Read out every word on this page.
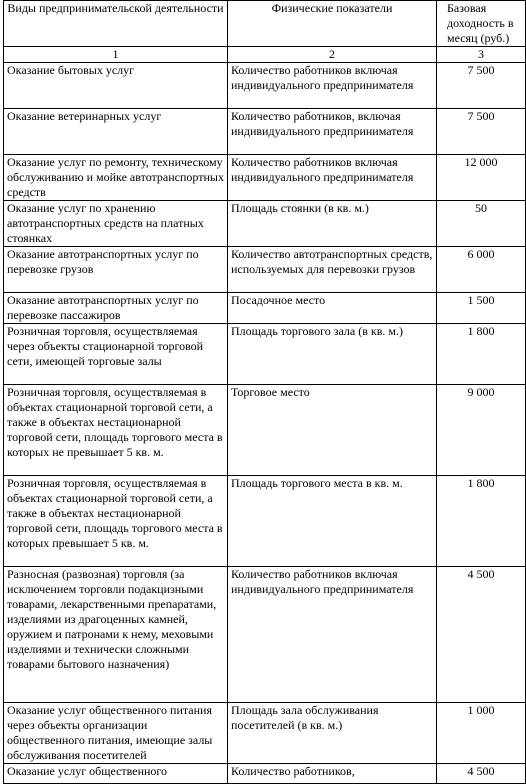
Виды предпринимательской деятельности	Физические показатели	Базовая доходность в месяц (руб.)
1	2	3
Оказание бытовых услуг	Количество работников включая индивидуального предпринимателя	7 500
Оказание ветеринарных услуг	Количество работников, включая индивидуального предпринимателя	7 500
Оказание услуг по ремонту, техническому обслуживанию и мойке автотранспортных средств	Количество работников включая индивидуального предпринимателя	12 000
Оказание услуг по хранению автотранспортных средств на платных стоянках	Площадь стоянки (в кв. м.)	50
Оказание автотранспортных услуг по перевозке грузов	Количество автотранспортных средств, используемых для перевозки грузов	6 000
Оказание автотранспортных услуг по перевозке пассажиров	Посадочное место	1 500
Розничная торговля, осуществляемая через объекты стационарной торговой сети, имеющей торговые залы	Площадь торгового зала (в кв. м.)	1 800
Розничная торговля, осуществляемая в объектах стационарной торговой сети, а также в объектах нестационарной торговой сети, площадь торгового места в которых не превышает 5 кв. м.	Торговое место	9 000
Розничная торговля, осуществляемая в объектах стационарной торговой сети, а также в объектах нестационарной торговой сети, площадь торгового места в которых превышает 5 кв. м.	Площадь торгового места в кв. м.	1 800
Разносная (развозная) торговля (за исключением торговли подакцизными товарами, лекарственными препаратами, изделиями из драгоценных камней, оружием и патронами к нему, меховыми изделиями и технически сложными товарами бытового назначения)	Количество работников включая индивидуального предпринимателя	4 500
Оказание услуг общественного питания через объекты организации общественного питания, имеющие залы обслуживания посетителей	Площадь зала обслуживания посетителей (в кв. м.)	1 000
Оказание услуг общественного	Количество работников,	4 500
